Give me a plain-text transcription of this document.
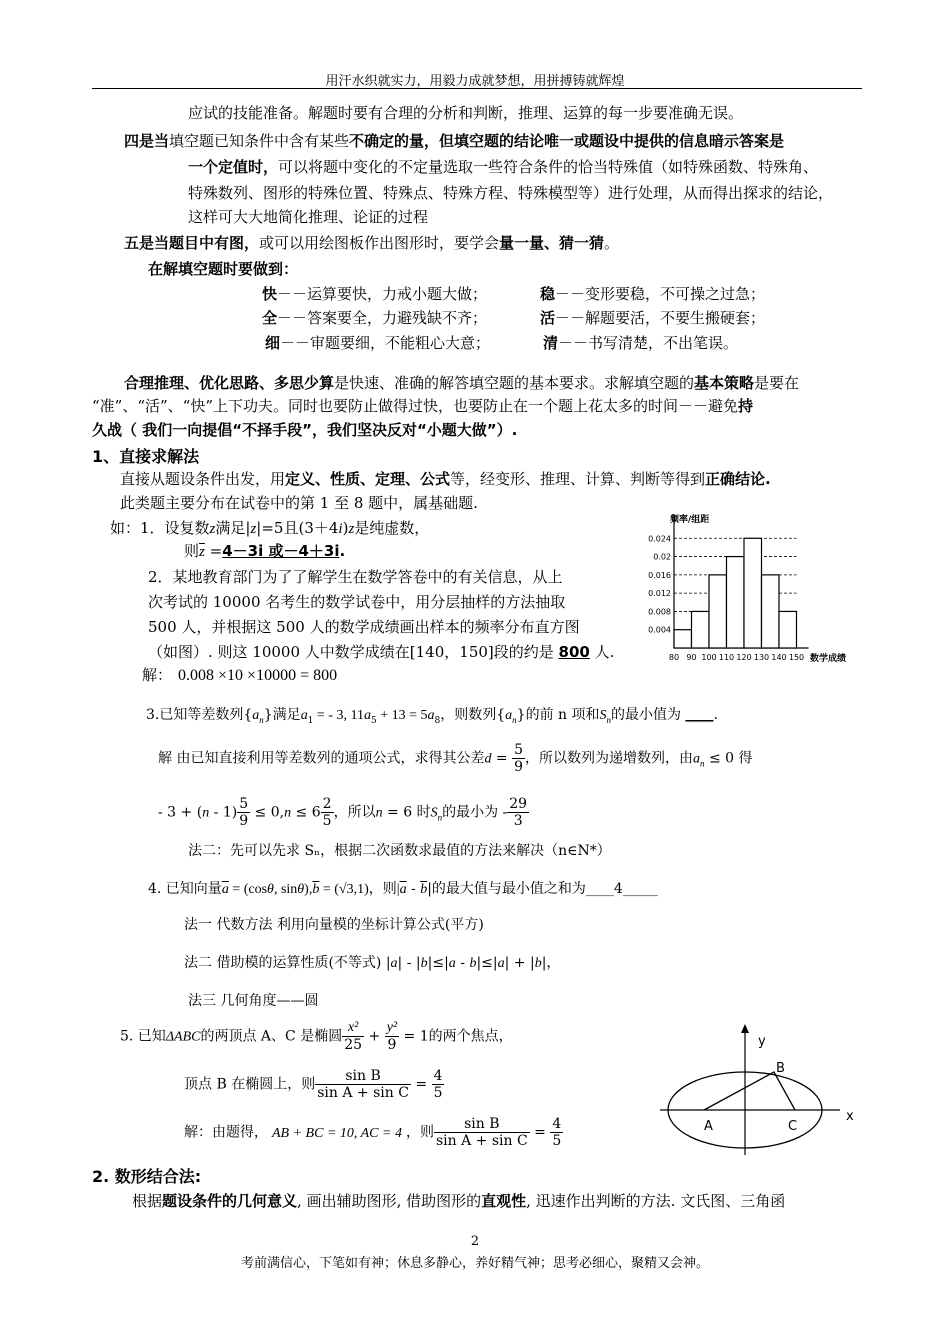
用汗水织就实力，用毅力成就梦想，用拼搏铸就辉煌
应试的技能准备。解题时要有合理的分析和判断，推理、运算的每一步要准确无误。
四是当填空题已知条件中含有某些不确定的量，但填空题的结论唯一或题设中提供的信息暗示答案是
一个定值时，可以将题中变化的不定量选取一些符合条件的恰当特殊值（如特殊函数、特殊角、
特殊数列、图形的特殊位置、特殊点、特殊方程、特殊模型等）进行处理，从而得出探求的结论，
这样可大大地简化推理、论证的过程
五是当题目中有图，或可以用绘图板作出图形时，要学会量一量、猜一猜。
在解填空题时要做到：
快－－运算要快，力戒小题大做；	稳－－变形要稳，不可操之过急；
全－－答案要全，力避残缺不齐；	活－－解题要活，不要生搬硬套；
细－－审题要细，不能粗心大意；	清－－书写清楚，不出笔误。
合理推理、优化思路、多思少算是快速、准确的解答填空题的基本要求。求解填空题的基本策略是要在
“准”、“活”、“快”上下功夫。同时也要防止做得过快，也要防止在一个题上花太多的时间－－避免持
久战（ 我们一向提倡“不择手段”，我们坚决反对“小题大做”）.
1、直接求解法
直接从题设条件出发，用定义、性质、定理、公式等，经变形、推理、计算、判断等得到正确结论.
此类题主要分布在试卷中的第 1 至 8 题中，属基础题.
如：1．设复数z满足|z|=5且(3＋4i)z是纯虚数，
则$\overline{z} =4-3i$ 或－4＋3i.
2．某地教育部门为了了解学生在数学答卷中的有关信息，从上
次考试的 10000 名考生的数学试卷中，用分层抽样的方法抽取
500 人，并根据这 500 人的数学成绩画出样本的频率分布直方图
（如图）. 则这 10000 人中数学成绩在[140，150]段的约是 800 人.
解： 0.008 ×10 ×10000 = 800
频率/组距
数学成绩
0.004
0.008
0.012
0.016
0.02
0.024
80 90 100 110 120 130 140 150
3.已知等差数列$\{a_n\}$满足$a_1$ = - 3, $11a_5 + 13 = 5a_8$，则数列$\{a_n\}$的前 n 项和$S_n$的最小值为 ____.
解 由已知直接利用等差数列的通项公式，求得其公差$d = \frac{5}{9}$ ，所以数列为递增数列，由$a_n \le 0$ 得
- $3 + (n - 1) \frac{5}{9} \le 0,n \le 6 \frac{2}{5}$ ，所以n = 6 时$S_n$的最小为 - $\frac{29}{3}$
法二：先可以先求 Sₙ，根据二次函数求最值的方法来解决（n∈N*）
4. 已知向量$\overline{a} = (\cos\theta$, $\sin\theta),\overline{b} = (√3,1)$，则$|\overline{a} - \overline{b}|$的最大值与最小值之和为____4_____
法一 代数方法 利用向量模的坐标计算公式(平方)
法二 借助模的运算性质(不等式) |a| - |b|≤|a - b|≤|a| + |b|，
法三 几何角度——圆
5. 已知ΔABC的两顶点 A、C 是椭圆 $\frac{\text{x²}}{25} + \frac{\text{y²}}{9} = 1$的两个焦点，
顶点 B 在椭圆上，则 $\frac{\text{sin B}}{\text{sin A + sin C}} = \frac{4}{5}$
解：由题得， AB + BC = 10, AC = 4 ，则 $\frac{\text{sin B}}{\text{sin A + sin C}} = \frac{4}{5}$
y
x
B
A	C
2. 数形结合法:
根据题设条件的几何意义, 画出辅助图形, 借助图形的直观性, 迅速作出判断的方法. 文氏图、三角函
2
考前满信心，下笔如有神；休息多静心，养好精气神；思考必细心，聚精又会神。
